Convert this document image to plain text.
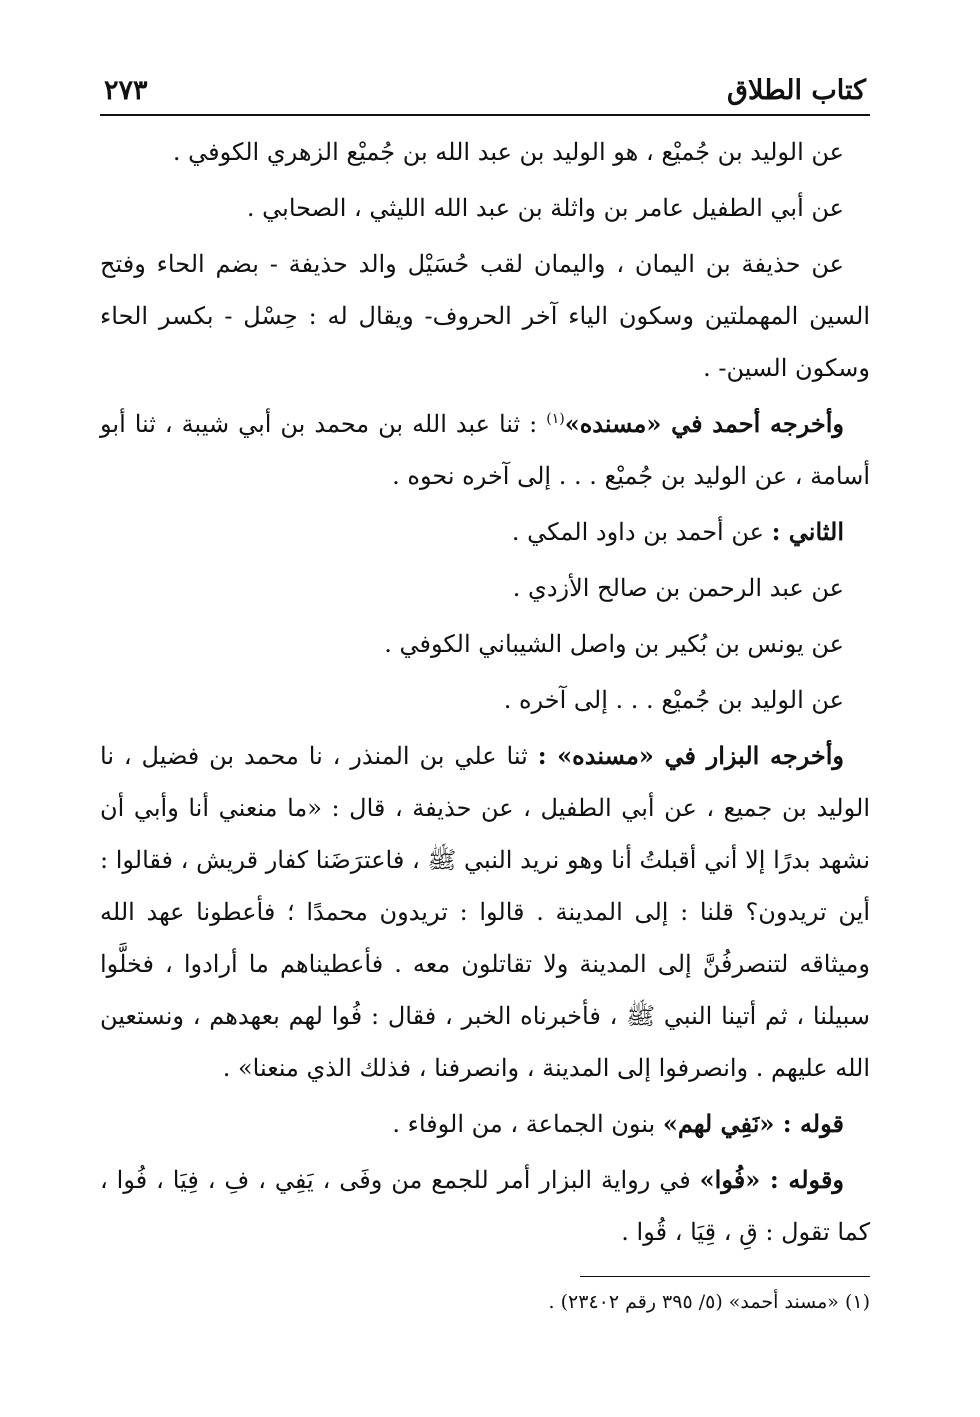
كتاب الطلاق
٢٧٣

عن الوليد بن جُميْع ، هو الوليد بن عبد الله بن جُميْع الزهري الكوفي .

عن أبي الطفيل عامر بن واثلة بن عبد الله الليثي ، الصحابي .

عن حذيفة بن اليمان ، واليمان لقب حُسَيْل والد حذيفة - بضم الحاء وفتح السين المهملتين وسكون الياء آخر الحروف- ويقال له : حِسْل - بكسر الحاء وسكون السين- .

وأخرجه أحمد في «مسنده»$^{(١)}$ : ثنا عبد الله بن محمد بن أبي شيبة ، ثنا أبو أسامة ، عن الوليد بن جُميْع . . . إلى آخره نحوه .

الثاني : عن أحمد بن داود المكي .

عن عبد الرحمن بن صالح الأزدي .

عن يونس بن بُكير بن واصل الشيباني الكوفي .

عن الوليد بن جُميْع . . . إلى آخره .

وأخرجه البزار في «مسنده» : ثنا علي بن المنذر ، نا محمد بن فضيل ، نا الوليد بن جميع ، عن أبي الطفيل ، عن حذيفة ، قال : «ما منعني أنا وأبي أن نشهد بدرًا إلا أني أقبلتُ أنا وهو نريد النبي ﷺ ، فاعترَضَنا كفار قريش ، فقالوا : أين تريدون؟ قلنا : إلى المدينة . قالوا : تريدون محمدًا ؛ فأعطونا عهد الله وميثاقه لتنصرفُنَّ إلى المدينة ولا تقاتلون معه . فأعطيناهم ما أرادوا ، فخلَّوا سبيلنا ، ثم أتينا النبي ﷺ ، فأخبرناه الخبر ، فقال : فُوا لهم بعهدهم ، ونستعين الله عليهم . وانصرفوا إلى المدينة ، وانصرفنا ، فذلك الذي منعنا» .

قوله : «نَفِي لهم» بنون الجماعة ، من الوفاء .

وقوله : «فُوا» في رواية البزار أمر للجمع من وفَى ، يَفِي ، فِ ، فِيَا ، فُوا ، كما تقول : قِ ، قِيَا ، قُوا .

(١) «مسند أحمد» (٥/ ٣٩٥ رقم ٢٣٤٠٢) .
